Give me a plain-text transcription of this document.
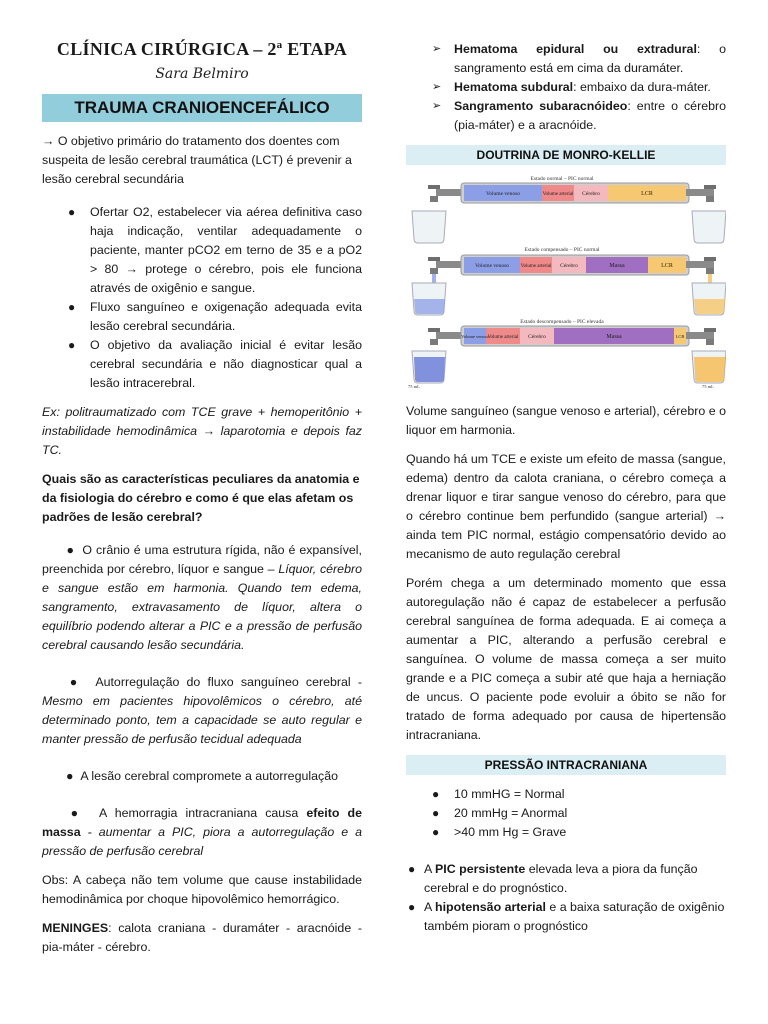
CLÍNICA CIRÚRGICA – 2ª ETAPA

Sara Belmiro

TRAUMA CRANIOENCEFÁLICO

→ O objetivo primário do tratamento dos doentes com suspeita de lesão cerebral traumática (LCT) é prevenir a lesão cerebral secundária

● Ofertar O2, estabelecer via aérea definitiva caso haja indicação, ventilar adequadamente o paciente, manter pCO2 em terno de 35 e a pO2 > 80 → protege o cérebro, pois ele funciona através de oxigênio e sangue.
● Fluxo sanguíneo e oxigenação adequada evita lesão cerebral secundária.
● O objetivo da avaliação inicial é evitar lesão cerebral secundária e não diagnosticar qual a lesão intracerebral.

Ex: politraumatizado com TCE grave + hemoperitônio + instabilidade hemodinâmica → laparotomia e depois faz TC.

Quais são as características peculiares da anatomia e da fisiologia do cérebro e como é que elas afetam os padrões de lesão cerebral?

●  O crânio é uma estrutura rígida, não é expansível, preenchida por cérebro, líquor e sangue – Líquor, cérebro e sangue estão em harmonia. Quando tem edema, sangramento, extravasamento de líquor, altera o equilíbrio podendo alterar a PIC e a pressão de perfusão cerebral causando lesão secundária.

●  Autorregulação do fluxo sanguíneo cerebral - Mesmo em pacientes hipovolêmicos o cérebro, até determinado ponto, tem a capacidade se auto regular e manter pressão de perfusão tecidual adequada

●  A lesão cerebral compromete a autorregulação

●  A hemorragia intracraniana causa efeito de massa - aumentar a PIC, piora a autorregulação e a pressão de perfusão cerebral

Obs: A cabeça não tem volume que cause instabilidade hemodinâmica por choque hipovolêmico hemorrágico.

MENINGES: calota craniana - duramáter - aracnóide - pia-máter - cérebro.

➢ Hematoma epidural ou extradural: o sangramento está em cima da duramáter.
➢ Hematoma subdural: embaixo da dura-máter.
➢ Sangramento subaracnóideo: entre o cérebro (pia-máter) e a aracnóide.
DOUTRINA DE MONRO-KELLIE
Estado normal – PIC normal
Volume venoso	Volume arterial Cérebro	LCR
Estado compensado – PIC normal
Volume venoso Volume arterial Cérebro	Massa	LCR
Estado descompensado – PIC elevada
Volume venoso
Volume arterial Cérebro	Massa	LCR
75 mL	75 mL

Volume sanguíneo (sangue venoso e arterial), cérebro e o liquor em harmonia.

Quando há um TCE e existe um efeito de massa (sangue, edema) dentro da calota craniana, o cérebro começa a drenar liquor e tirar sangue venoso do cérebro, para que o cérebro continue bem perfundido (sangue arterial) → ainda tem PIC normal, estágio compensatório devido ao mecanismo de auto regulação cerebral

Porém chega a um determinado momento que essa autoregulação não é capaz de estabelecer a perfusão cerebral sanguínea de forma adequada. E ai começa a aumentar a PIC, alterando a perfusão cerebral e sanguínea. O volume de massa começa a ser muito grande e a PIC começa a subir até que haja a herniação de uncus. O paciente pode evoluir a óbito se não for tratado de forma adequado por causa de hipertensão intracraniana.

PRESSÃO INTRACRANIANA
● 10 mmHG = Normal
● 20 mmHg = Anormal
● >40 mm Hg = Grave
● A PIC persistente elevada leva a piora da função cerebral e do prognóstico.
● A hipotensão arterial e a baixa saturação de oxigênio também pioram o prognóstico
